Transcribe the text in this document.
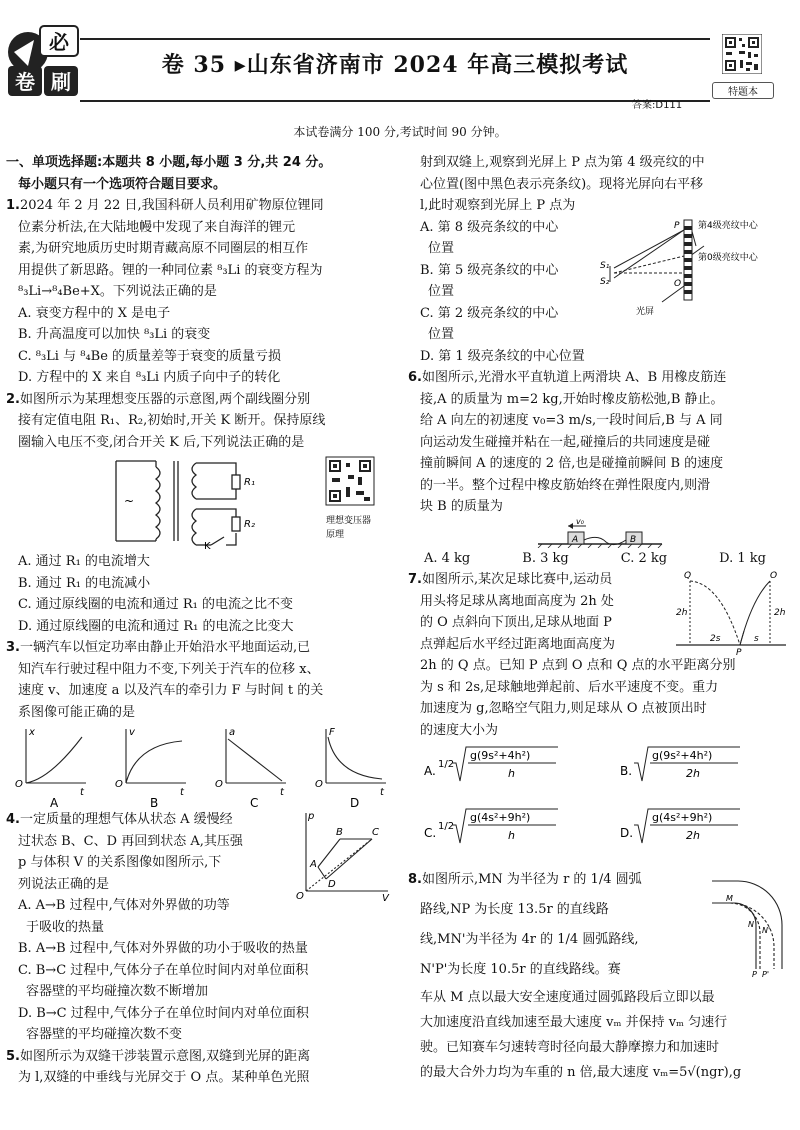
必
卷 刷
卷 35 ▸山东省济南市 2024 年高三模拟考试
特题本
答案:D111
本试卷满分 100 分,考试时间 90 分钟。

一、单项选择题:本题共 8 小题,每小题 3 分,共 24 分。

每小题只有一个选项符合题目要求。

1.2024 年 2 月 22 日,我国科研人员利用矿物原位锂同

位素分析法,在大陆地幔中发现了来自海洋的锂元

素,为研究地质历史时期青藏高原不同圈层的相互作

用提供了新思路。锂的一种同位素 ⁸₃Li 的衰变方程为

⁸₃Li→⁸₄Be+X。下列说法正确的是

A. 衰变方程中的 X 是电子

B. 升高温度可以加快 ⁸₃Li 的衰变

C. ⁸₃Li 与 ⁸₄Be 的质量差等于衰变的质量亏损

D. 方程中的 X 来自 ⁸₃Li 内质子向中子的转化

2.如图所示为某理想变压器的示意图,两个副线圈分别

接有定值电阻 R₁、R₂,初始时,开关 K 断开。保持原线

圈输入电压不变,闭合开关 K 后,下列说法正确的是

~
R₁
R₂
K
理想变压器
原理

A. 通过 R₁ 的电流增大

B. 通过 R₁ 的电流减小

C. 通过原线圈的电流和通过 R₁ 的电流之比不变

D. 通过原线圈的电流和通过 R₁ 的电流之比变大

3.一辆汽车以恒定功率由静止开始沿水平地面运动,已

知汽车行驶过程中阻力不变,下列关于汽车的位移 x、

速度 v、加速度 a 以及汽车的牵引力 F 与时间 t 的关

系图像可能正确的是

x
t
O
v
t
O
a
t
O
F
t
O
A	B	C	D

4.一定质量的理想气体从状态 A 缓慢经

过状态 B、C、D 再回到状态 A,其压强

p 与体积 V 的关系图像如图所示,下

列说法正确的是

A. A→B 过程中,气体对外界做的功等

于吸收的热量

B. A→B 过程中,气体对外界做的功小于吸收的热量

C. B→C 过程中,气体分子在单位时间内对单位面积

容器壁的平均碰撞次数不断增加

D. B→C 过程中,气体分子在单位时间内对单位面积

容器壁的平均碰撞次数不变

p
V
O
A
B	C
D

5.如图所示为双缝干涉装置示意图,双缝到光屏的距离

为 l,双缝的中垂线与光屏交于 O 点。某种单色光照

射到双缝上,观察到光屏上 P 点为第 4 级亮纹的中

心位置(图中黑色表示亮条纹)。现将光屏向右平移

l,此时观察到光屏上 P 点为

A. 第 8 级亮条纹的中心

位置

B. 第 5 级亮条纹的中心

位置

C. 第 2 级亮条纹的中心

位置

D. 第 1 级亮条纹的中心位置

P
O
S₁
S₂
第4级亮纹中心
第0级亮纹中心
光屏

6.如图所示,光滑水平直轨道上两滑块 A、B 用橡皮筋连

接,A 的质量为 m=2 kg,开始时橡皮筋松弛,B 静止。

给 A 向左的初速度 v₀=3 m/s,一段时间后,B 与 A 同

向运动发生碰撞并粘在一起,碰撞后的共同速度是碰

撞前瞬间 A 的速度的 2 倍,也是碰撞前瞬间 B 的速度

的一半。整个过程中橡皮筋始终在弹性限度内,则滑

块 B 的质量为

v₀
A	B
A. 4 kg	B. 3 kg	C. 2 kg	D. 1 kg

7.如图所示,某次足球比赛中,运动员

用头将足球从离地面高度为 2h 处

的 O 点斜向下顶出,足球从地面 P

点弹起后水平经过距离地面高度为

2h 的 Q 点。已知 P 点到 O 点和 Q 点的水平距离分别

为 s 和 2s,足球触地弹起前、后水平速度不变。重力

加速度为 g,忽略空气阻力,则足球从 O 点被顶出时

的速度大小为

Q	O
P
2h	2h
2s	s
A. 1/2
g(9s²+4h²)
h	B.
g(9s²+4h²)
2h
C. 1/2
g(4s²+9h²)
h	D.
g(4s²+9h²)
2h

8.如图所示,MN 为半径为 r 的 1/4 圆弧

路线,NP 为长度 13.5r 的直线路

线,MN'为半径为 4r 的 1/4 圆弧路线,

N'P'为长度 10.5r 的直线路线。赛

车从 M 点以最大安全速度通过圆弧路段后立即以最

大加速度沿直线加速至最大速度 vₘ 并保持 vₘ 匀速行

驶。已知赛车匀速转弯时径向最大静摩擦力和加速时

的最大合外力均为车重的 n 倍,最大速度 vₘ=5√(ngr),g

M
N
N'
P P'
